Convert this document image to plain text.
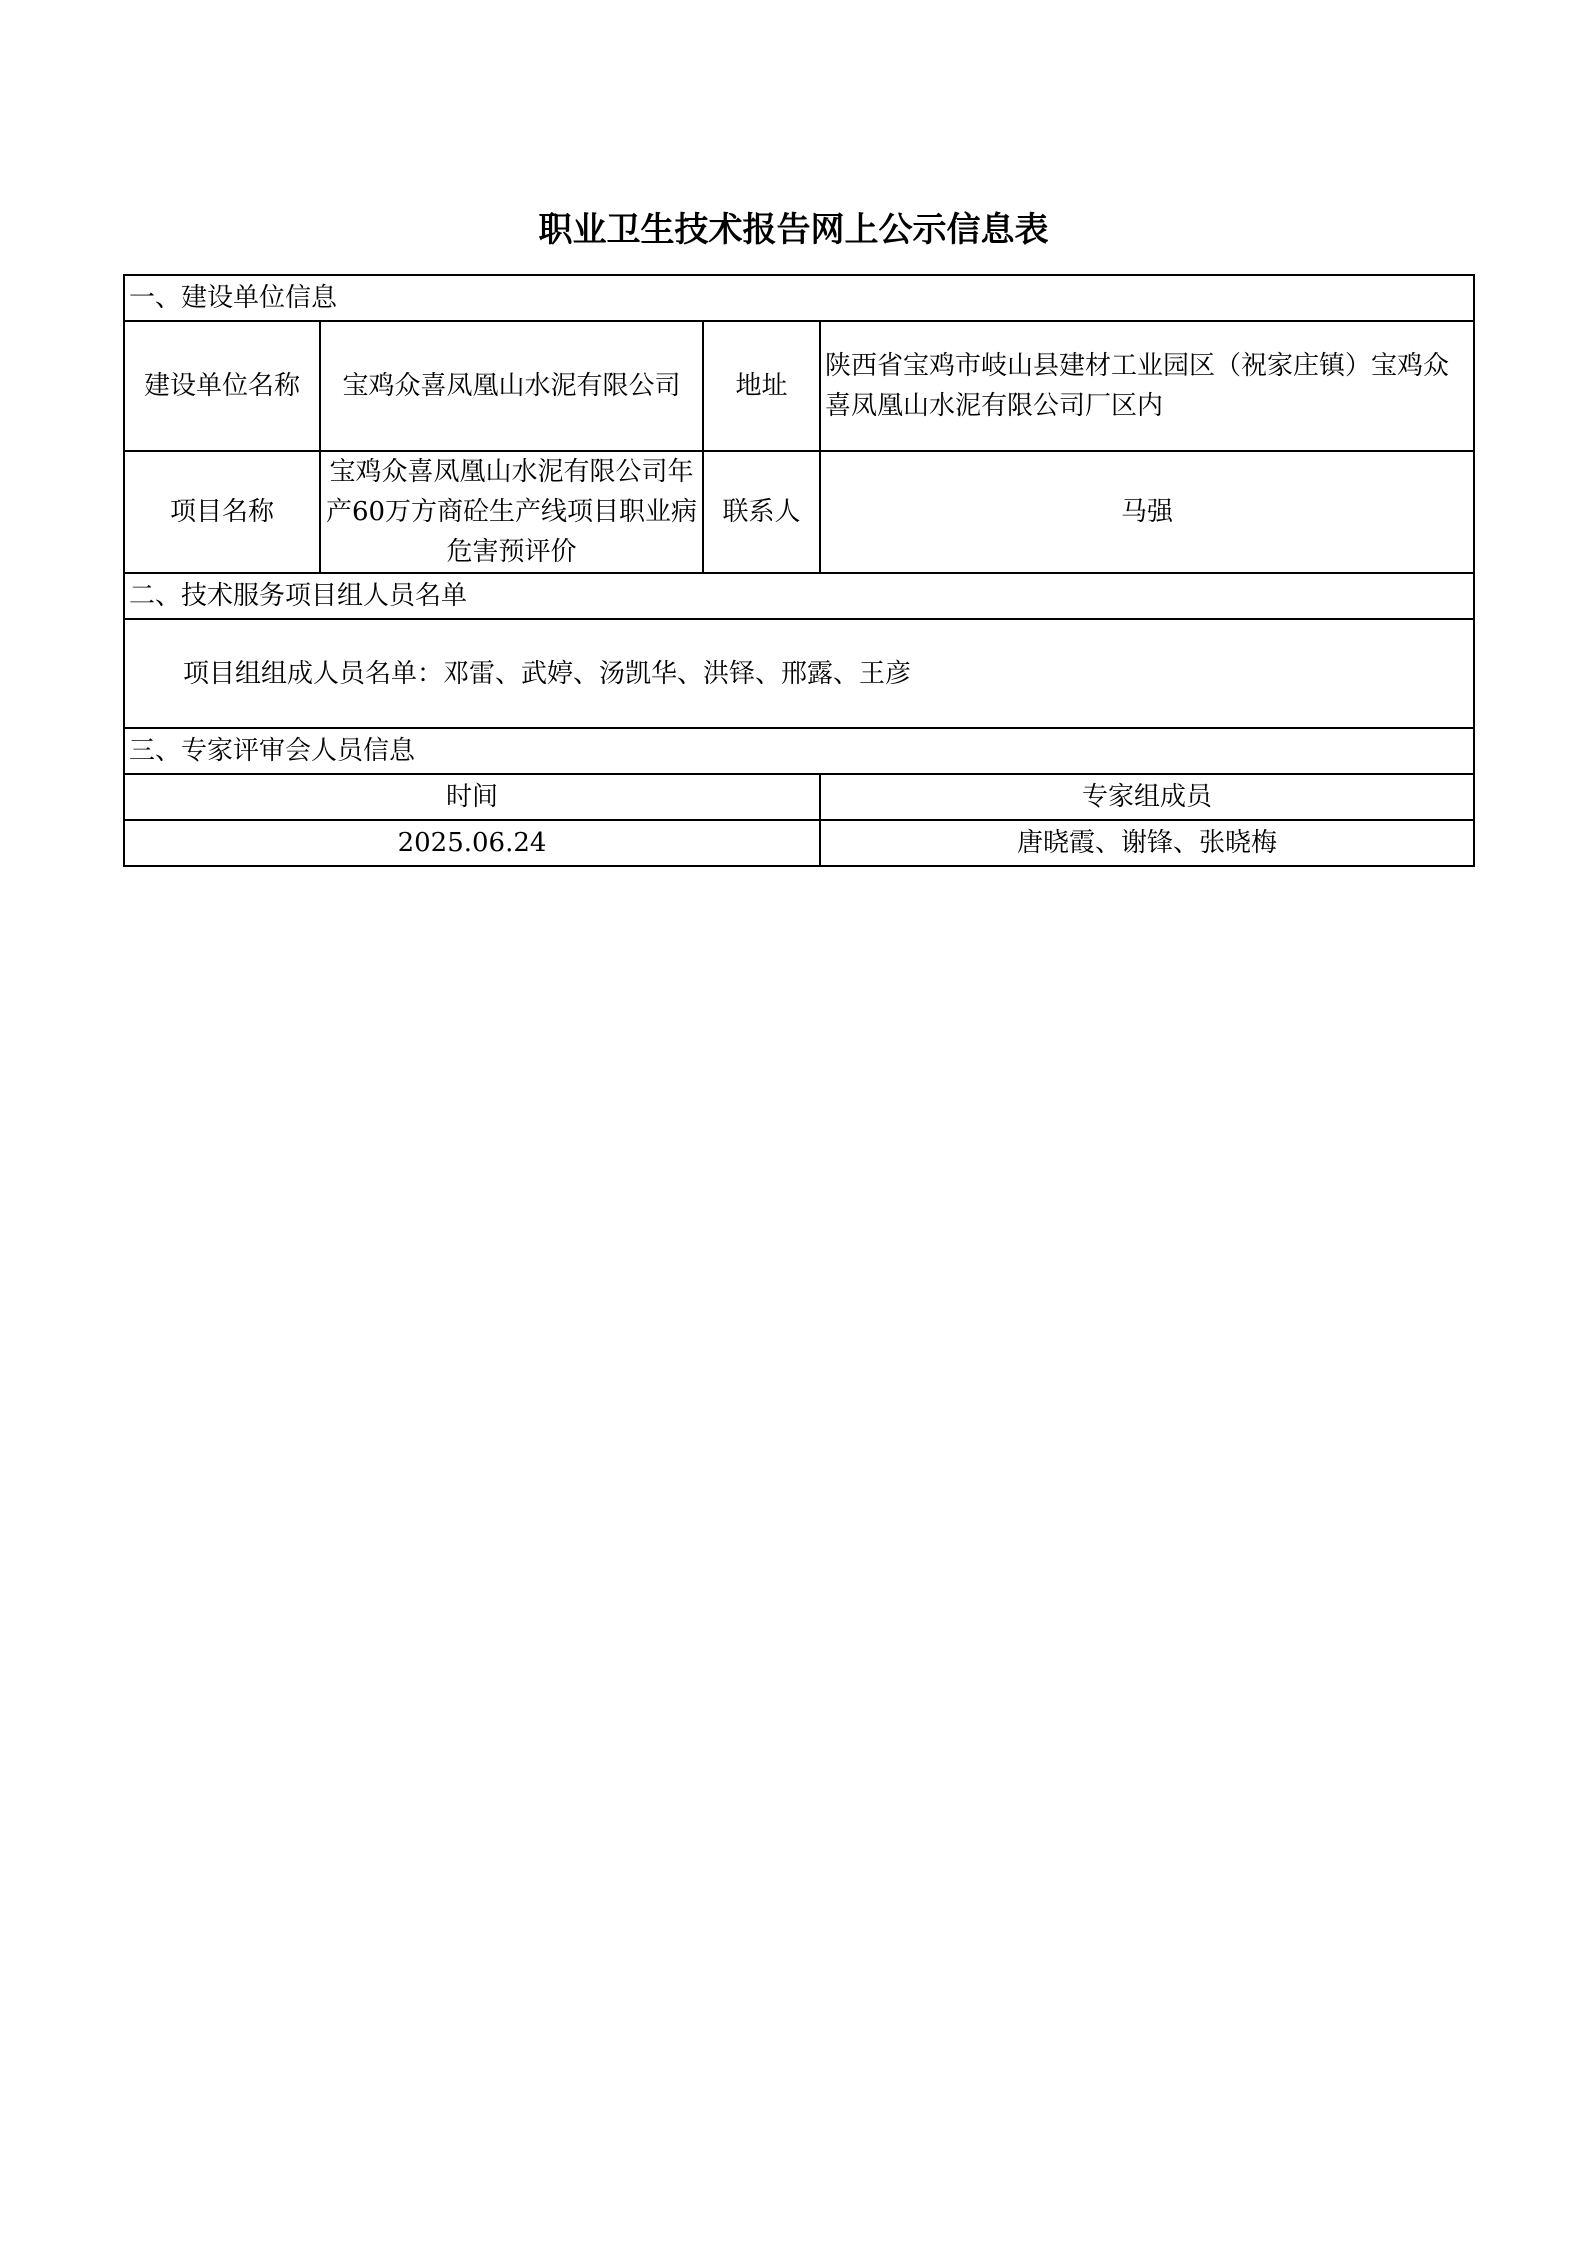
职业卫生技术报告网上公示信息表
一、建设单位信息			
建设单位名称	宝鸡众喜凤凰山水泥有限公司	地址	陕西省宝鸡市岐山县建材工业园区（祝家庄镇）宝鸡众喜凤凰山水泥有限公司厂区内
项目名称	宝鸡众喜凤凰山水泥有限公司年产60万方商砼生产线项目职业病危害预评价	联系人	马强
二、技术服务项目组人员名单			
项目组组成人员名单：邓雷、武婷、汤凯华、洪铎、邢露、王彦			
三、专家评审会人员信息			
时间			专家组成员
2025.06.24			唐晓霞、谢锋、张晓梅
